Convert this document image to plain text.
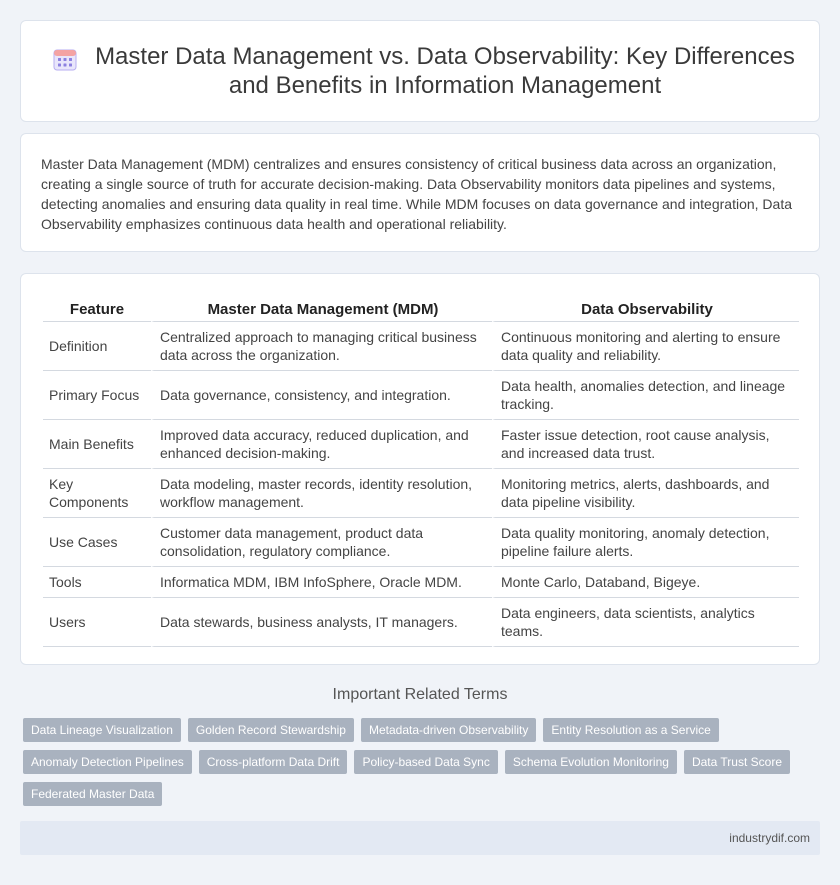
Master Data Management vs. Data Observability: Key Differences and Benefits in Information Management

Master Data Management (MDM) centralizes and ensures consistency of critical business data across an organization, creating a single source of truth for accurate decision-making. Data Observability monitors data pipelines and systems, detecting anomalies and ensuring data quality in real time. While MDM focuses on data governance and integration, Data Observability emphasizes continuous data health and operational reliability.

Feature	Master Data Management (MDM)	Data Observability
Definition	Centralized approach to managing critical business data across the organization.	Continuous monitoring and alerting to ensure data quality and reliability.
Primary Focus	Data governance, consistency, and integration.	Data health, anomalies detection, and lineage tracking.
Main Benefits	Improved data accuracy, reduced duplication, and enhanced decision-making.	Faster issue detection, root cause analysis, and increased data trust.
Key Components	Data modeling, master records, identity resolution, workflow management.	Monitoring metrics, alerts, dashboards, and data pipeline visibility.
Use Cases	Customer data management, product data consolidation, regulatory compliance.	Data quality monitoring, anomaly detection, pipeline failure alerts.
Tools	Informatica MDM, IBM InfoSphere, Oracle MDM.	Monte Carlo, Databand, Bigeye.
Users	Data stewards, business analysts, IT managers.	Data engineers, data scientists, analytics teams.
Important Related Terms
Data Lineage Visualization	Golden Record Stewardship	Metadata-driven Observability	Entity Resolution as a Service
Anomaly Detection Pipelines	Cross-platform Data Drift	Policy-based Data Sync	Schema Evolution Monitoring	Data Trust Score
Federated Master Data
industrydif.com
